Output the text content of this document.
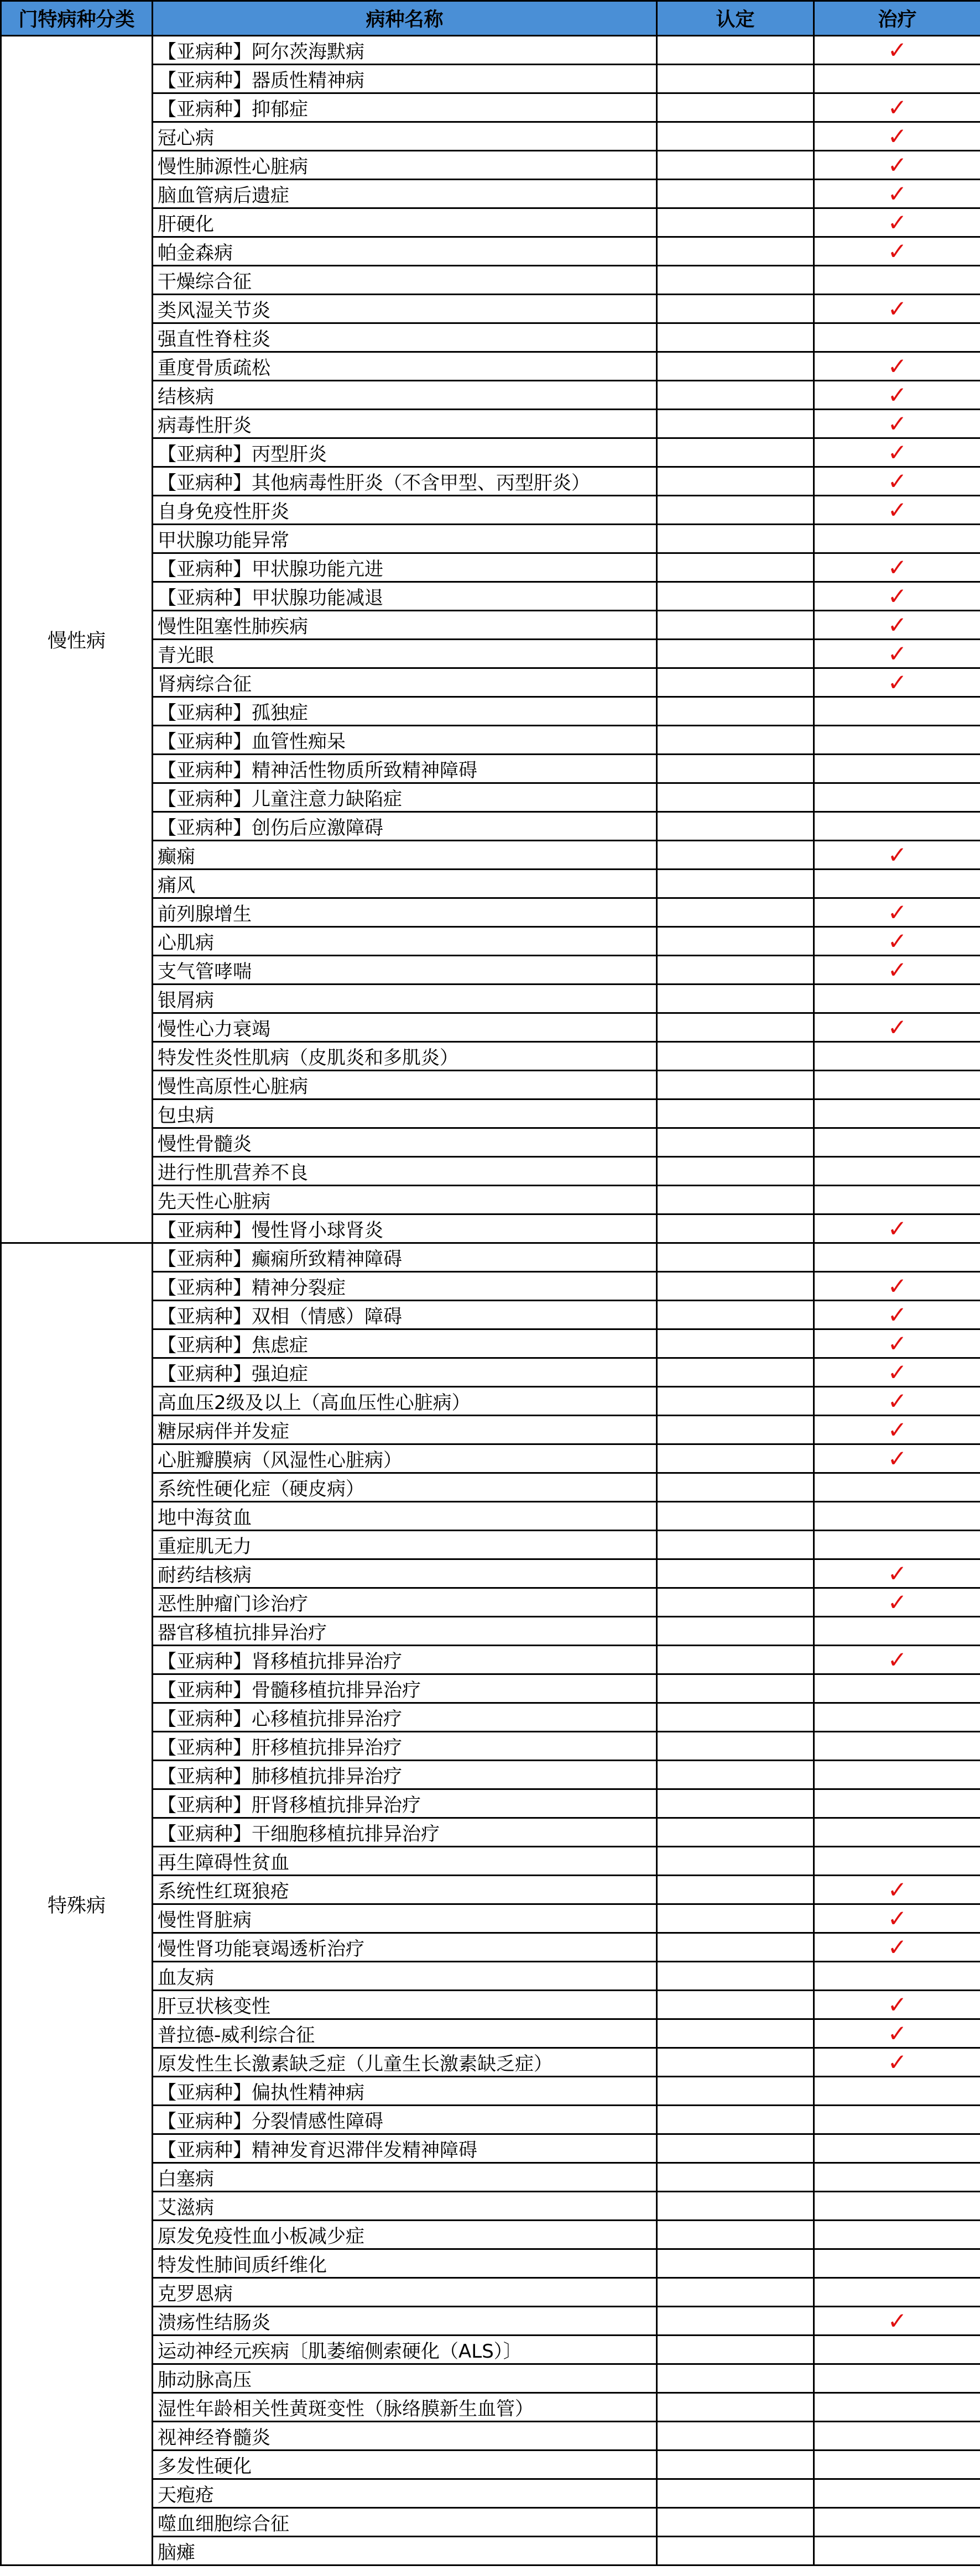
门特病种分类	病种名称	认定	治疗
慢性病	【亚病种】阿尔茨海默病		✓
	【亚病种】器质性精神病		
	【亚病种】抑郁症		✓
	冠心病		✓
	慢性肺源性心脏病		✓
	脑血管病后遗症		✓
	肝硬化		✓
	帕金森病		✓
	干燥综合征		
	类风湿关节炎		✓
	强直性脊柱炎		
	重度骨质疏松		✓
	结核病		✓
	病毒性肝炎		✓
	【亚病种】丙型肝炎		✓
	【亚病种】其他病毒性肝炎（不含甲型、丙型肝炎）		✓
	自身免疫性肝炎		✓
	甲状腺功能异常		
	【亚病种】甲状腺功能亢进		✓
	【亚病种】甲状腺功能减退		✓
	慢性阻塞性肺疾病		✓
	青光眼		✓
	肾病综合征		✓
	【亚病种】孤独症		
	【亚病种】血管性痴呆		
	【亚病种】精神活性物质所致精神障碍		
	【亚病种】儿童注意力缺陷症		
	【亚病种】创伤后应激障碍		
	癫痫		✓
	痛风		
	前列腺增生		✓
	心肌病		✓
	支气管哮喘		✓
	银屑病		
	慢性心力衰竭		✓
	特发性炎性肌病（皮肌炎和多肌炎）		
	慢性高原性心脏病		
	包虫病		
	慢性骨髓炎		
	进行性肌营养不良		
	先天性心脏病		
	【亚病种】慢性肾小球肾炎		✓
特殊病	【亚病种】癫痫所致精神障碍		
	【亚病种】精神分裂症		✓
	【亚病种】双相（情感）障碍		✓
	【亚病种】焦虑症		✓
	【亚病种】强迫症		✓
	高血压2级及以上（高血压性心脏病）		✓
	糖尿病伴并发症		✓
	心脏瓣膜病（风湿性心脏病）		✓
	系统性硬化症（硬皮病）		
	地中海贫血		
	重症肌无力		
	耐药结核病		✓
	恶性肿瘤门诊治疗		✓
	器官移植抗排异治疗		
	【亚病种】肾移植抗排异治疗		✓
	【亚病种】骨髓移植抗排异治疗		
	【亚病种】心移植抗排异治疗		
	【亚病种】肝移植抗排异治疗		
	【亚病种】肺移植抗排异治疗		
	【亚病种】肝肾移植抗排异治疗		
	【亚病种】干细胞移植抗排异治疗		
	再生障碍性贫血		
	系统性红斑狼疮		✓
	慢性肾脏病		✓
	慢性肾功能衰竭透析治疗		✓
	血友病		
	肝豆状核变性		✓
	普拉德-威利综合征		✓
	原发性生长激素缺乏症（儿童生长激素缺乏症）		✓
	【亚病种】偏执性精神病		
	【亚病种】分裂情感性障碍		
	【亚病种】精神发育迟滞伴发精神障碍		
	白塞病		
	艾滋病		
	原发免疫性血小板减少症		
	特发性肺间质纤维化		
	克罗恩病		
	溃疡性结肠炎		✓
	运动神经元疾病〔肌萎缩侧索硬化（ALS）〕		
	肺动脉高压		
	湿性年龄相关性黄斑变性（脉络膜新生血管）		
	视神经脊髓炎		
	多发性硬化		
	天疱疮		
	噬血细胞综合征		
	脑瘫		
